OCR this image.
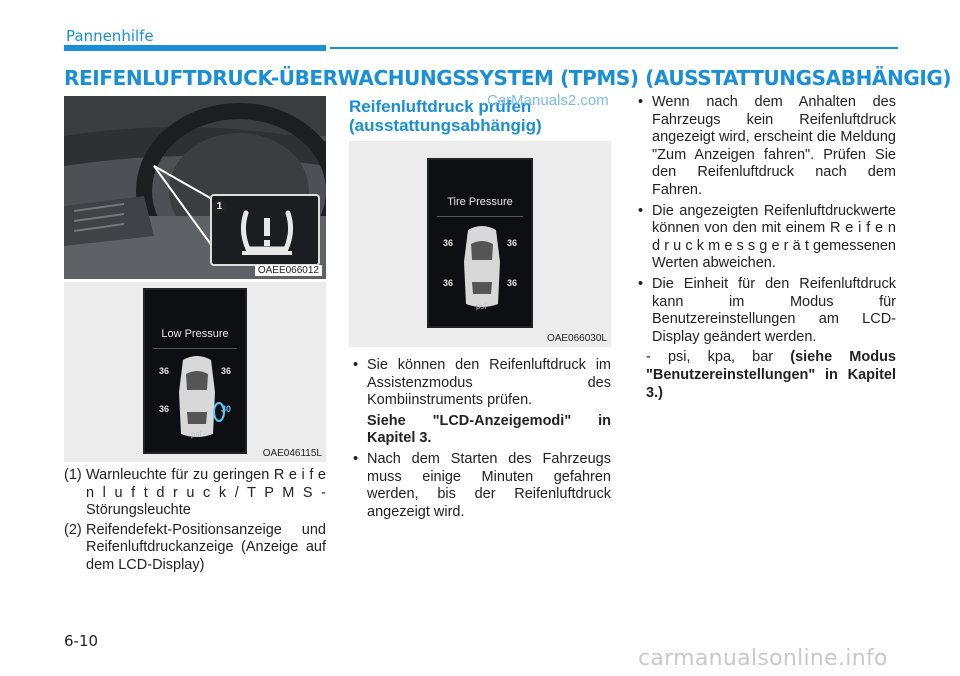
Pannenhilfe
REIFENLUFTDRUCK-ÜBERWACHUNGSSYSTEM (TPMS) (AUSSTATTUNGSABHÄNGIG)
1
OAEE066012
Low Pressure
36	36
36	30
psi
OAE046115L

(1) Warnleuchte für zu geringen R e i f e n l u f t d r u c k / T P M S - Störungsleuchte

(2) Reifendefekt-Positionsanzeige und Reifenluftdruckanzeige (Anzeige auf dem LCD-Display)

Reifenluftdruck prüfen (ausstattungsabhängig)
CarManuals2.com
Tire Pressure
36	36
36	36
psi
OAE066030L

• Sie können den Reifenluftdruck im Assistenzmodus des Kombiinstruments prüfen.

Siehe "LCD-Anzeigemodi" in Kapitel 3.

• Nach dem Starten des Fahrzeugs muss einige Minuten gefahren werden, bis der Reifenluftdruck angezeigt wird.

• Wenn nach dem Anhalten des Fahrzeugs kein Reifenluftdruck angezeigt wird, erscheint die Meldung "Zum Anzeigen fahren". Prüfen Sie den Reifenluftdruck nach dem Fahren.

• Die angezeigten Reifenluftdruckwerte können von den mit einem R e i f e n d r u c k m e s s g e r ä t gemessenen Werten abweichen.

• Die Einheit für den Reifenluftdruck kann im Modus für Benutzereinstellungen am LCD-Display geändert werden.

- psi, kpa, bar (siehe Modus "Benutzereinstellungen" in Kapitel 3.)

6-10
carmanualsonline.info
